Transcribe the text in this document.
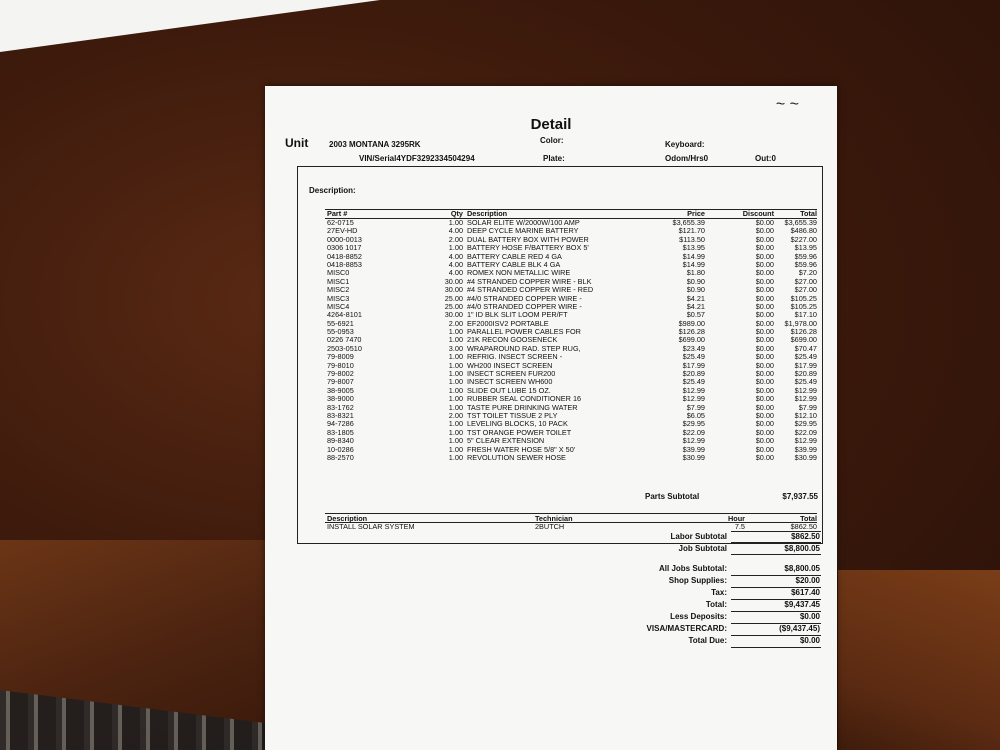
~ ~
Detail
Unit	2003 MONTANA 3295RK	Color:	Keyboard:
VIN/Serial4YDF3292334504294	Plate:	Odom/Hrs0	Out:0
Description:
Part #	Qty Description	Price	Discount	Total
62-0715	1.00 SOLAR ELITE W/2000W/100 AMP	$3,655.39	$0.00	$3,655.39
27EV-HD	4.00 DEEP CYCLE MARINE BATTERY	$121.70	$0.00	$486.80
0000-0013	2.00 DUAL BATTERY BOX WITH POWER	$113.50	$0.00	$227.00
0306 1017	1.00 BATTERY HOSE F/BATTERY BOX 5'	$13.95	$0.00	$13.95
0418-8852	4.00 BATTERY CABLE RED 4 GA	$14.99	$0.00	$59.96
0418-8853	4.00 BATTERY CABLE BLK 4 GA	$14.99	$0.00	$59.96
MISC0	4.00 ROMEX NON METALLIC WIRE	$1.80	$0.00	$7.20
MISC1	30.00 #4 STRANDED COPPER WIRE - BLK	$0.90	$0.00	$27.00
MISC2	30.00 #4 STRANDED COPPER WIRE - RED	$0.90	$0.00	$27.00
MISC3	25.00 #4/0 STRANDED COPPER WIRE -	$4.21	$0.00	$105.25
MISC4	25.00 #4/0 STRANDED COPPER WIRE -	$4.21	$0.00	$105.25
4264-8101	30.00 1" ID BLK SLIT LOOM PER/FT	$0.57	$0.00	$17.10
55-6921	2.00 EF2000ISV2 PORTABLE	$989.00	$0.00	$1,978.00
55-0953	1.00 PARALLEL POWER CABLES FOR	$126.28	$0.00	$126.28
0226 7470	1.00 21K RECON GOOSENECK	$699.00	$0.00	$699.00
2503-0510	3.00 WRAPAROUND RAD. STEP RUG,	$23.49	$0.00	$70.47
79-8009	1.00 REFRIG. INSECT SCREEN -	$25.49	$0.00	$25.49
79-8010	1.00 WH200 INSECT SCREEN	$17.99	$0.00	$17.99
79-8002	1.00 INSECT SCREEN FUR200	$20.89	$0.00	$20.89
79-8007	1.00 INSECT SCREEN WH600	$25.49	$0.00	$25.49
38-9005	1.00 SLIDE OUT LUBE 15 OZ.	$12.99	$0.00	$12.99
38-9000	1.00 RUBBER SEAL CONDITIONER 16	$12.99	$0.00	$12.99
83-1762	1.00 TASTE PURE DRINKING WATER	$7.99	$0.00	$7.99
83-8321	2.00 TST TOILET TISSUE 2 PLY	$6.05	$0.00	$12.10
94-7286	1.00 LEVELING BLOCKS, 10 PACK	$29.95	$0.00	$29.95
83-1805	1.00 TST ORANGE POWER TOILET	$22.09	$0.00	$22.09
89-8340	1.00 5" CLEAR EXTENSION	$12.99	$0.00	$12.99
10-0286	1.00 FRESH WATER HOSE 5/8" X 50'	$39.99	$0.00	$39.99
88-2570	1.00 REVOLUTION SEWER HOSE	$30.99	$0.00	$30.99
Parts Subtotal	$7,937.55
Description	Technician	Hour	Total
INSTALL SOLAR SYSTEM	2BUTCH	7.5	$862.50
Labor Subtotal	$862.50
Job Subtotal	$8,800.05
All Jobs Subtotal:	$8,800.05
Shop Supplies:	$20.00
Tax:	$617.40
Total:	$9,437.45
Less Deposits:	$0.00
VISA/MASTERCARD:	($9,437.45)
Total Due:	$0.00
